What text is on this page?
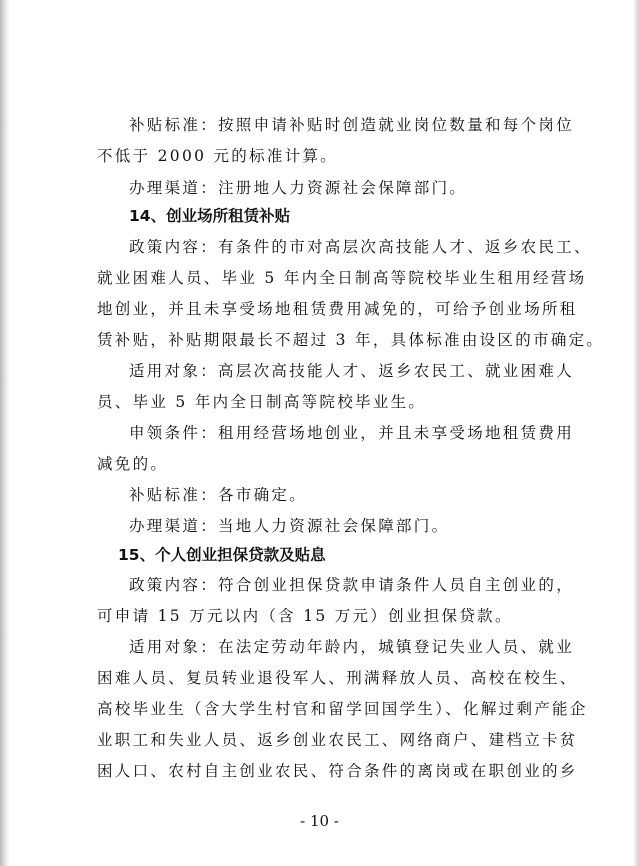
补贴标准：按照申请补贴时创造就业岗位数量和每个岗位
不低于 2000 元的标准计算。
办理渠道：注册地人力资源社会保障部门。
14、创业场所租赁补贴
政策内容：有条件的市对高层次高技能人才、返乡农民工、
就业困难人员、毕业 5 年内全日制高等院校毕业生租用经营场
地创业，并且未享受场地租赁费用减免的，可给予创业场所租
赁补贴，补贴期限最长不超过 3 年，具体标准由设区的市确定。
适用对象：高层次高技能人才、返乡农民工、就业困难人
员、毕业 5 年内全日制高等院校毕业生。
申领条件：租用经营场地创业，并且未享受场地租赁费用
减免的。
补贴标准：各市确定。
办理渠道：当地人力资源社会保障部门。
15、个人创业担保贷款及贴息
政策内容：符合创业担保贷款申请条件人员自主创业的，
可申请 15 万元以内（含 15 万元）创业担保贷款。
适用对象：在法定劳动年龄内，城镇登记失业人员、就业
困难人员、复员转业退役军人、刑满释放人员、高校在校生、
高校毕业生（含大学生村官和留学回国学生）、化解过剩产能企
业职工和失业人员、返乡创业农民工、网络商户、建档立卡贫
困人口、农村自主创业农民、符合条件的离岗或在职创业的乡
- 10 -
